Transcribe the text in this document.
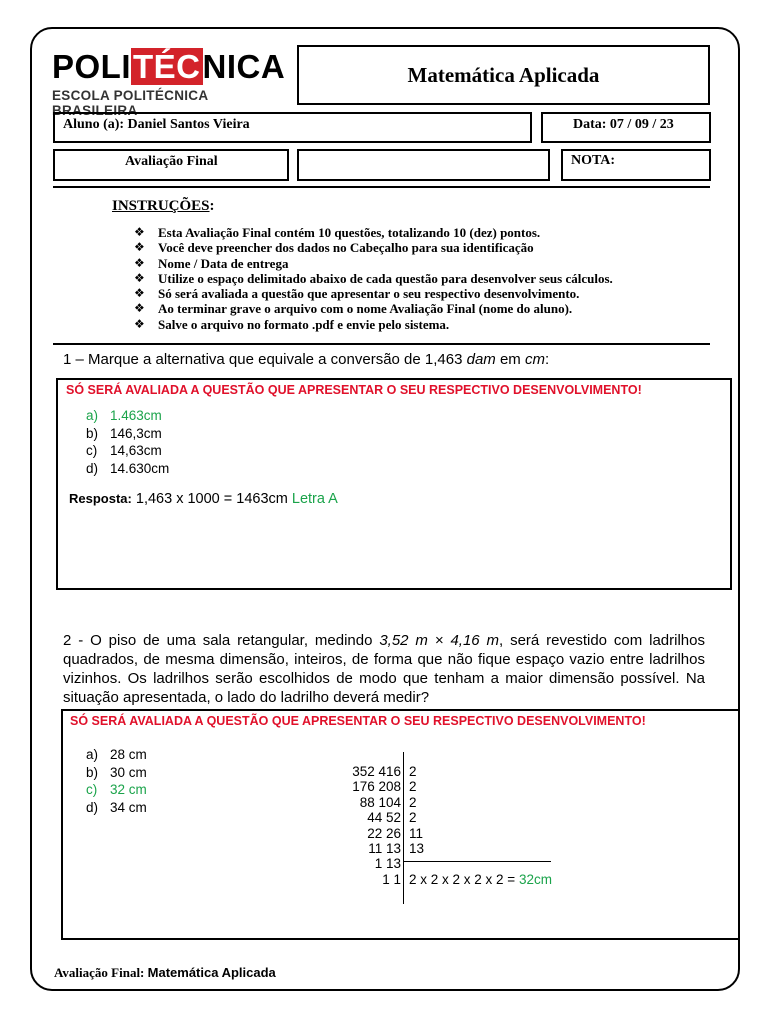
POLITÉCNICA
ESCOLA POLITÉCNICA BRASILEIRA
Matemática Aplicada
Aluno (a): Daniel Santos Vieira	Data: 07 / 09 / 23
Avaliação Final	NOTA:
INSTRUÇÕES:
❖ Esta Avaliação Final contém 10 questões, totalizando 10 (dez) pontos.
❖ Você deve preencher dos dados no Cabeçalho para sua identificação
❖ Nome / Data de entrega
❖ Utilize o espaço delimitado abaixo de cada questão para desenvolver seus cálculos.
❖ Só será avaliada a questão que apresentar o seu respectivo desenvolvimento.
❖ Ao terminar grave o arquivo com o nome Avaliação Final (nome do aluno).
❖ Salve o arquivo no formato .pdf e envie pelo sistema.
1 – Marque a alternativa que equivale a conversão de 1,463 dam em cm:
SÓ SERÁ AVALIADA A QUESTÃO QUE APRESENTAR O SEU RESPECTIVO DESENVOLVIMENTO!
a) 1.463cm
b) 146,3cm
c) 14,63cm
d) 14.630cm
Resposta: 1,463 x 1000 = 1463cm Letra A
2 - O piso de uma sala retangular, medindo 3,52 m × 4,16 m, será revestido com ladrilhos quadrados, de mesma dimensão, inteiros, de forma que não fique espaço vazio entre ladrilhos vizinhos. Os ladrilhos serão escolhidos de modo que tenham a maior dimensão possível. Na situação apresentada, o lado do ladrilho deverá medir?
SÓ SERÁ AVALIADA A QUESTÃO QUE APRESENTAR O SEU RESPECTIVO DESENVOLVIMENTO!
a) 28 cm
b) 30 cm
c) 32 cm
d) 34 cm
352 416
176 208
88 104
44 52
22 26
11 13
1 13
1 1
2
2
2
2
11
13
2 x 2 x 2 x 2 x 2 = 32cm
Avaliação Final: Matemática Aplicada
